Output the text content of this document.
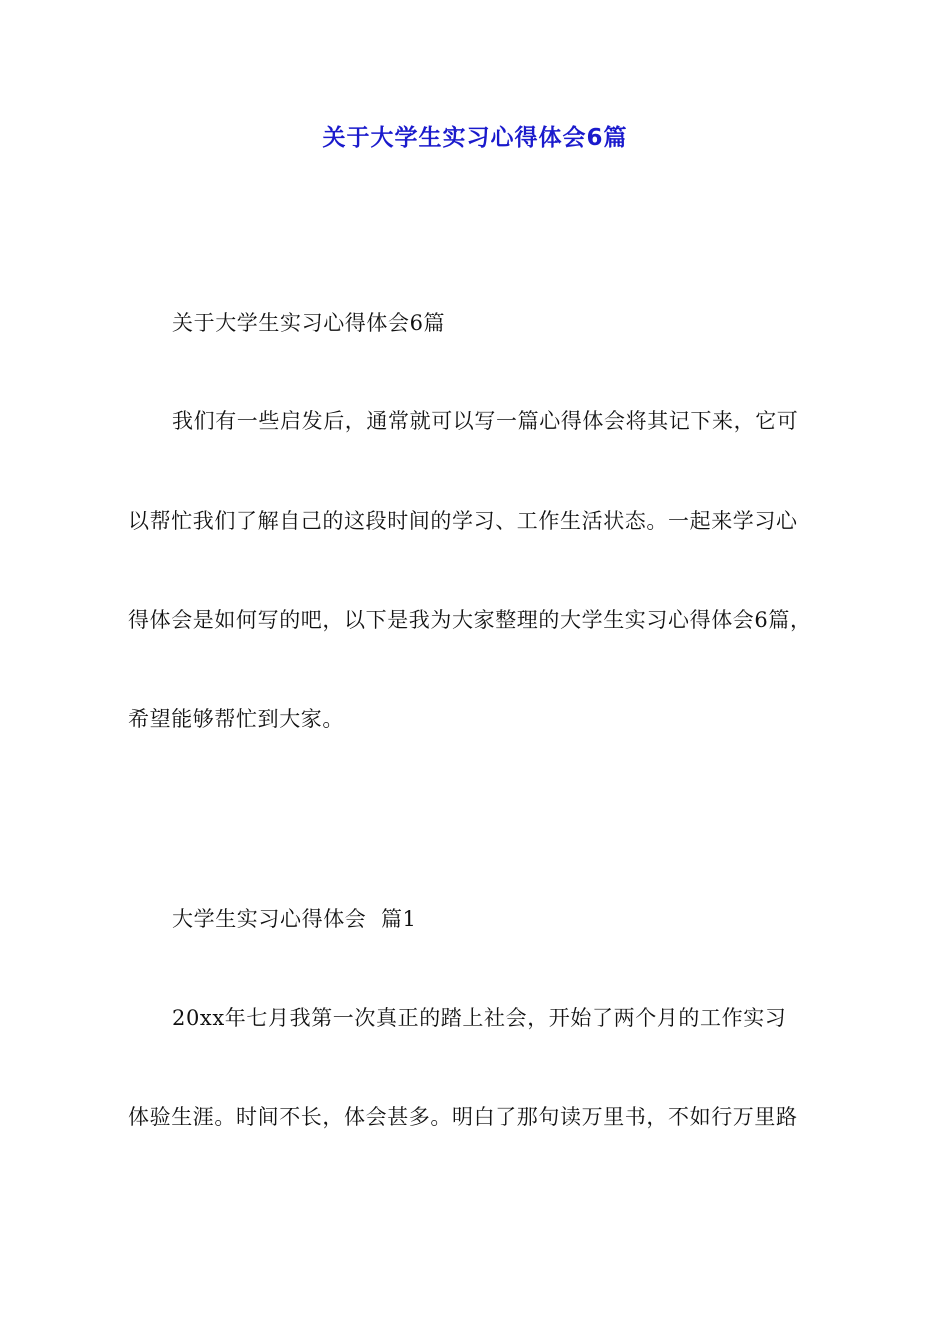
关于大学生实习心得体会6篇
关于大学生实习心得体会6篇
我们有一些启发后，通常就可以写一篇心得体会将其记下来，它可
以帮忙我们了解自己的这段时间的学习、工作生活状态。一起来学习心
得体会是如何写的吧，以下是我为大家整理的大学生实习心得体会6篇，
希望能够帮忙到大家。
大学生实习心得体会  篇1
20xx年七月我第一次真正的踏上社会，开始了两个月的工作实习
体验生涯。时间不长，体会甚多。明白了那句读万里书，不如行万里路
